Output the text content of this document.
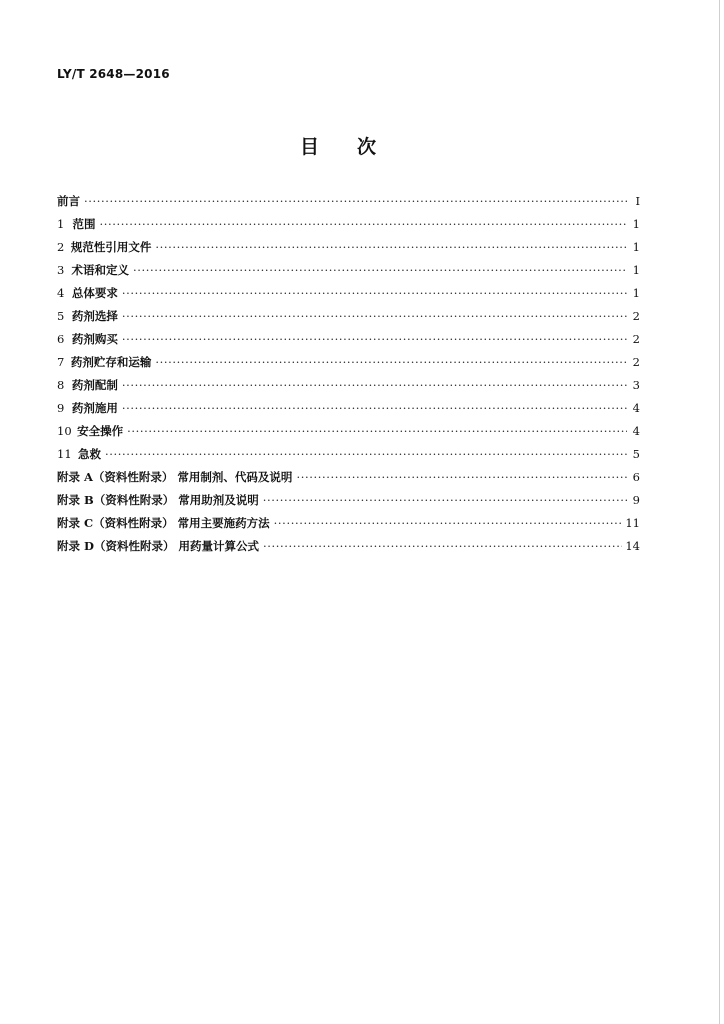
LY/T 2648—2016
目次
前言 ·····	Ⅰ
1 范围 ·····	1
2 规范性引用文件 ·····	1
3 术语和定义 ·····	1
4 总体要求 ·····	1
5 药剂选择 ·····	2
6 药剂购买 ·····	2
7 药剂贮存和运输 ·····	2
8 药剂配制 ·····	3
9 药剂施用 ·····	4
10 安全操作 ·····	4
11 急救 ·····	5
附录 A（资料性附录） 常用制剂、代码及说明 ·····	6
附录 B（资料性附录） 常用助剂及说明 ·····	9
附录 C（资料性附录） 常用主要施药方法 ·····	11
附录 D（资料性附录） 用药量计算公式 ·····	14
